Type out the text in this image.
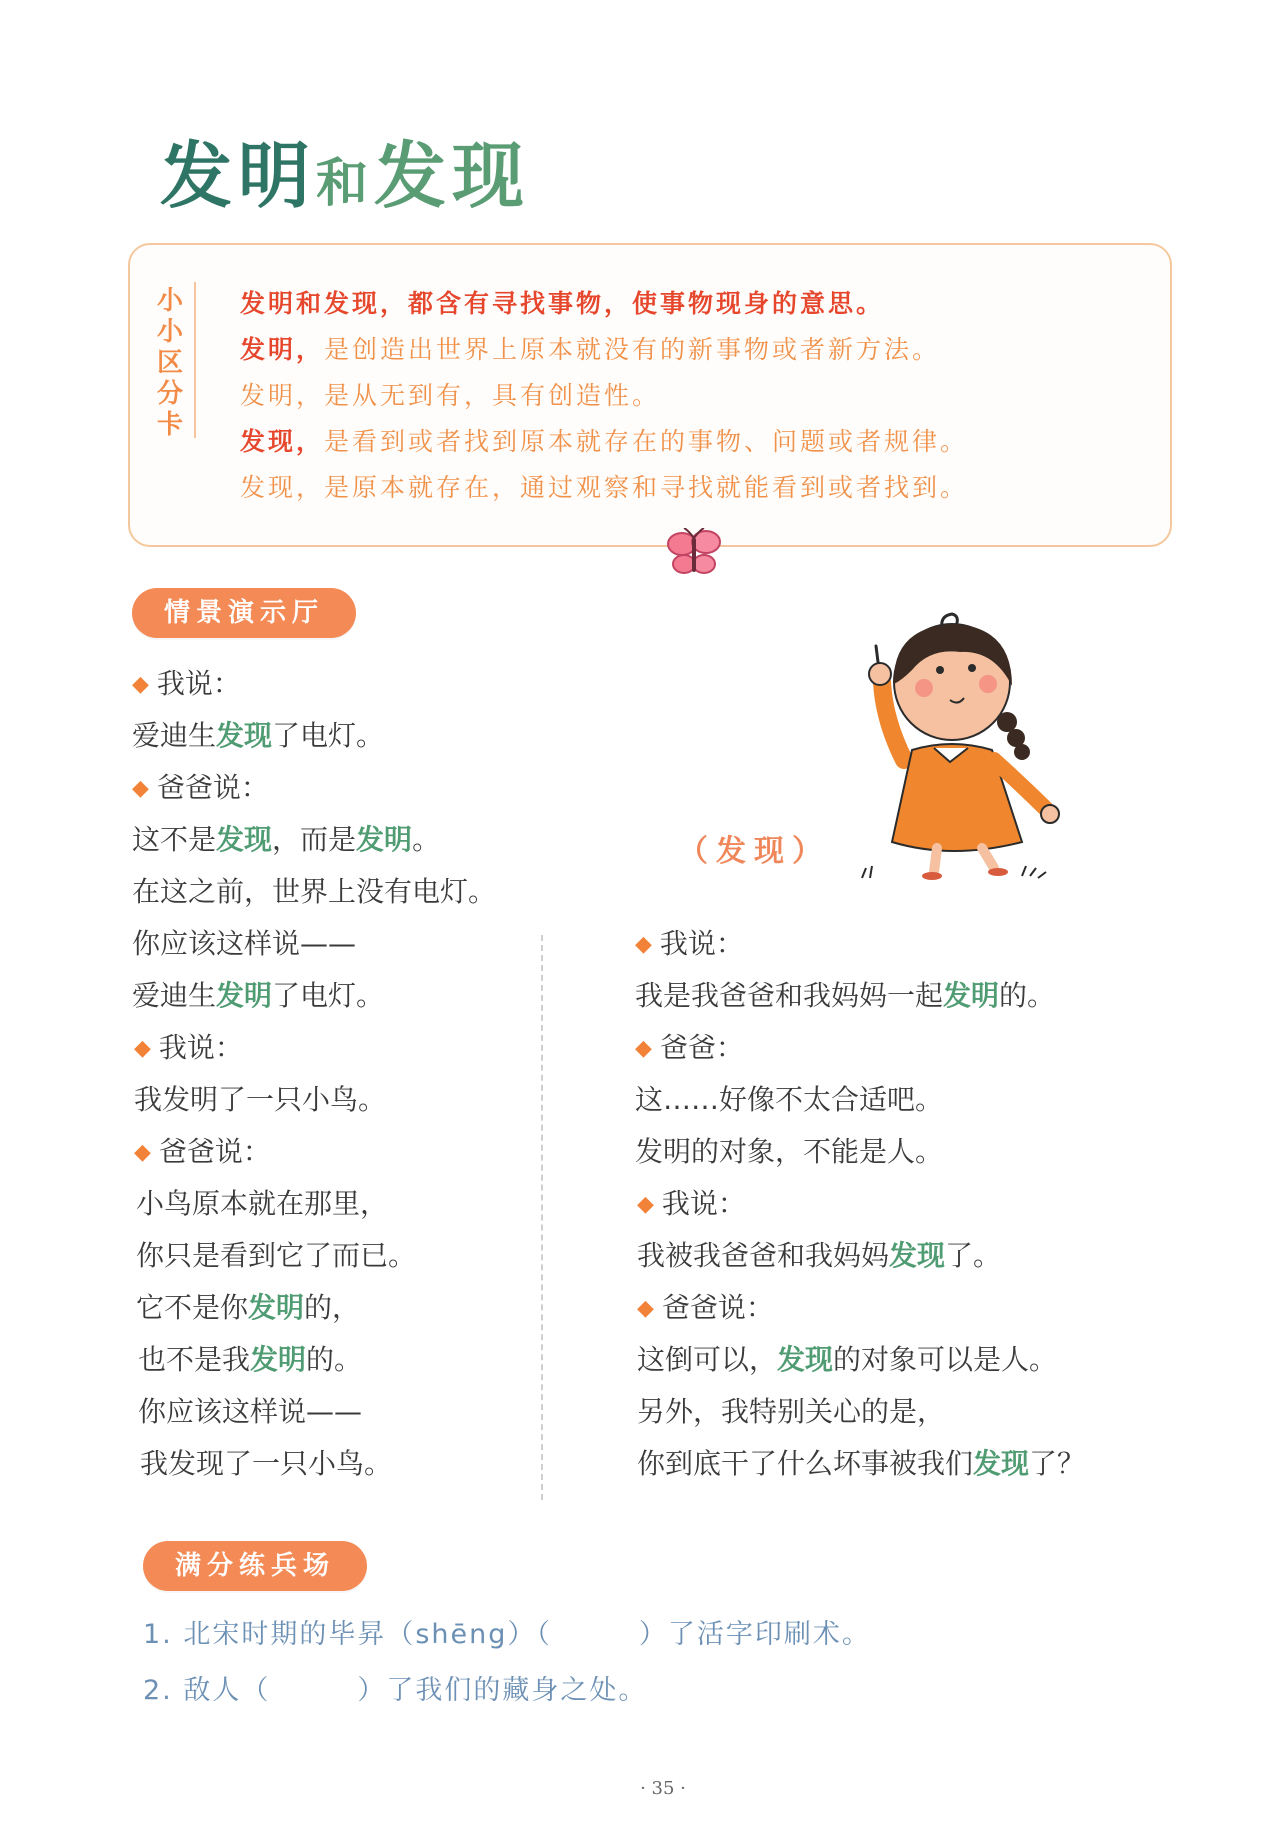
发明和发现
小
小
区
分
卡
发明和发现，都含有寻找事物，使事物现身的意思。
发明，是创造出世界上原本就没有的新事物或者新方法。
发明，是从无到有，具有创造性。
发现，是看到或者找到原本就存在的事物、问题或者规律。
发现，是原本就存在，通过观察和寻找就能看到或者找到。
情景演示厅
（发现）
◆ 我说：
爱迪生发现了电灯。
◆ 爸爸说：
这不是发现，而是发明。
在这之前，世界上没有电灯。
你应该这样说——
爱迪生发明了电灯。
◆ 我说：
我发明了一只小鸟。
◆ 爸爸说：
小鸟原本就在那里，
你只是看到它了而已。
它不是你发明的，
也不是我发明的。
你应该这样说——
我发现了一只小鸟。
◆ 我说：
我是我爸爸和我妈妈一起发明的。
◆ 爸爸：
这……好像不太合适吧。
发明的对象，不能是人。
◆ 我说：
我被我爸爸和我妈妈发现了。
◆ 爸爸说：
这倒可以，发现的对象可以是人。
另外，我特别关心的是，
你到底干了什么坏事被我们发现了？
满分练兵场
1. 北宋时期的毕昇（shēng）（　　　）了活字印刷术。
2. 敌人（　　　）了我们的藏身之处。
· 35 ·
